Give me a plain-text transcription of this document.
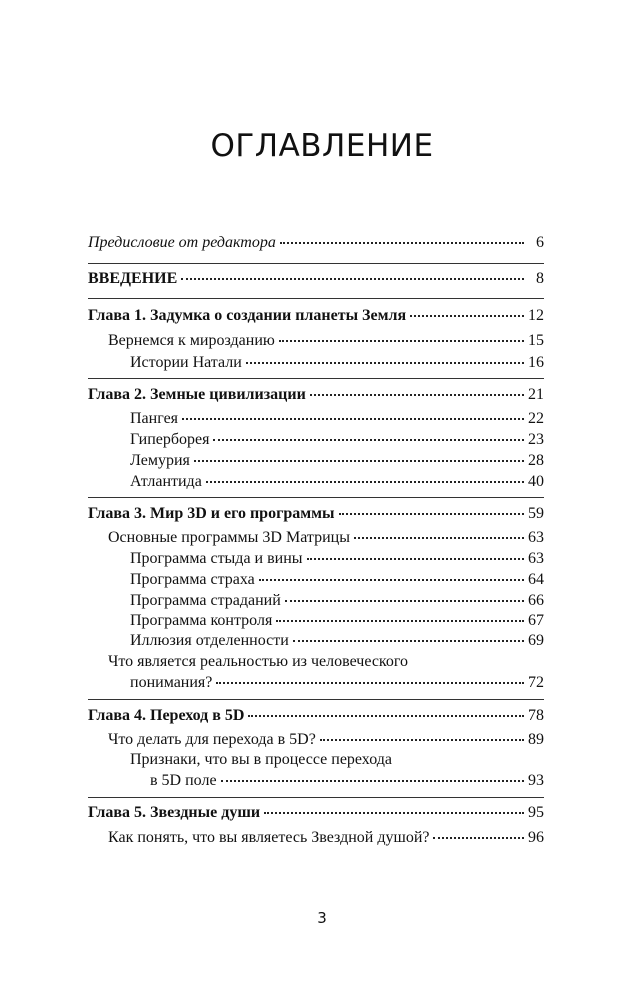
ОГЛАВЛЕНИЕ
Предисловие от редактора	6
ВВЕДЕНИЕ	8
Глава 1. Задумка о создании планеты Земля	12
Вернемся к мирозданию	15
Истории Натали	16
Глава 2. Земные цивилизации	21
Пангея	22
Гиперборея	23
Лемурия	28
Атлантида	40
Глава 3. Мир 3D и его программы	59
Основные программы 3D Матрицы	63
Программа стыда и вины	63
Программа страха	64
Программа страданий	66
Программа контроля	67
Иллюзия отделенности	69
Что является реальностью из человеческого
понимания?	72
Глава 4. Переход в 5D	78
Что делать для перехода в 5D?	89
Признаки, что вы в процессе перехода
в 5D поле	93
Глава 5. Звездные души	95
Как понять, что вы являетесь Звездной душой?	96
3
